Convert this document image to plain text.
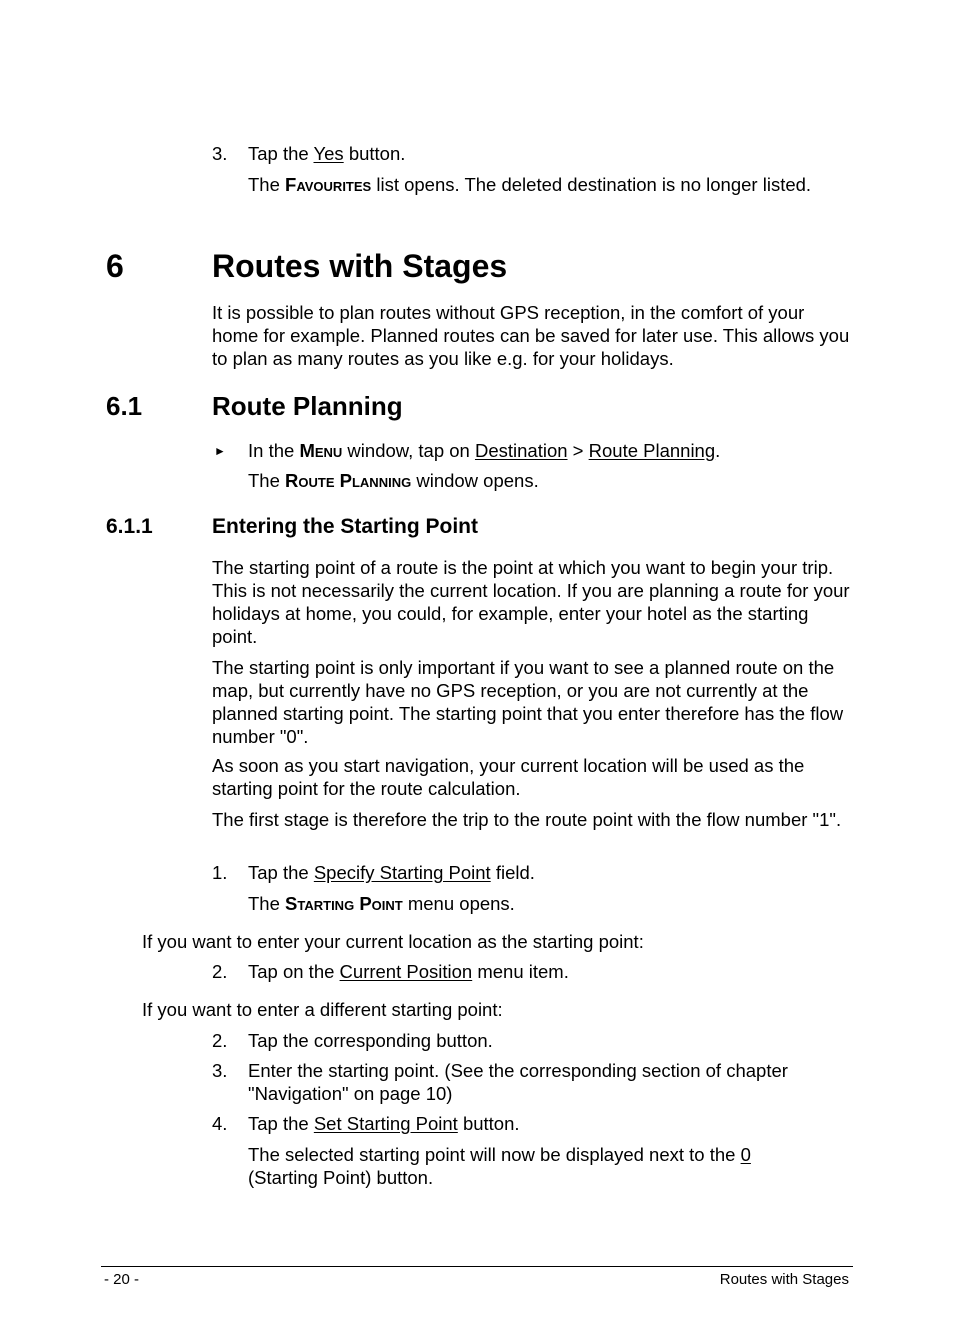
3. Tap the Yes button.
The Favourites list opens. The deleted destination is no longer listed.
6	Routes with Stages
It is possible to plan routes without GPS reception, in the comfort of your home for example. Planned routes can be saved for later use. This allows you to plan as many routes as you like e.g. for your holidays.
6.1	Route Planning
► In the Menu window, tap on Destination > Route Planning.
The Route Planning window opens.
6.1.1	Entering the Starting Point
The starting point of a route is the point at which you want to begin your trip. This is not necessarily the current location. If you are planning a route for your holidays at home, you could, for example, enter your hotel as the starting point.
The starting point is only important if you want to see a planned route on the map, but currently have no GPS reception, or you are not currently at the planned starting point. The starting point that you enter therefore has the flow number "0".
As soon as you start navigation, your current location will be used as the starting point for the route calculation.
The first stage is therefore the trip to the route point with the flow number "1".
1. Tap the Specify Starting Point field.
The Starting Point menu opens.
If you want to enter your current location as the starting point:
2. Tap on the Current Position menu item.
If you want to enter a different starting point:
2. Tap the corresponding button.
3. Enter the starting point. (See the corresponding section of chapter "Navigation" on page 10)
4. Tap the Set Starting Point button.
The selected starting point will now be displayed next to the 0 (Starting Point) button.
- 20 -	Routes with Stages
